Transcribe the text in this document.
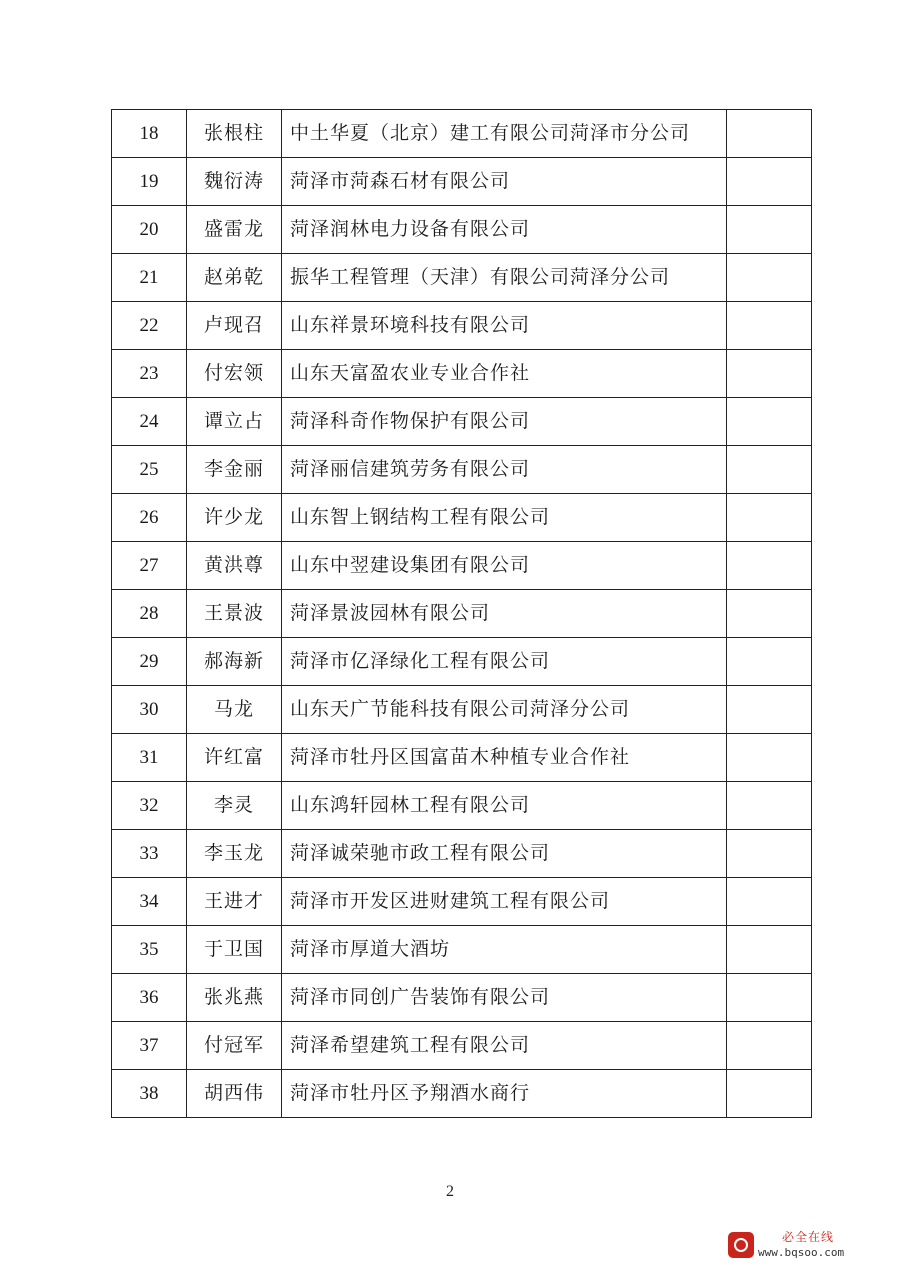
18	张根柱	中土华夏（北京）建工有限公司菏泽市分公司	
19	魏衍涛	菏泽市菏森石材有限公司	
20	盛雷龙	菏泽润林电力设备有限公司	
21	赵弟乾	振华工程管理（天津）有限公司菏泽分公司	
22	卢现召	山东祥景环境科技有限公司	
23	付宏领	山东天富盈农业专业合作社	
24	谭立占	菏泽科奇作物保护有限公司	
25	李金丽	菏泽丽信建筑劳务有限公司	
26	许少龙	山东智上钢结构工程有限公司	
27	黄洪尊	山东中翌建设集团有限公司	
28	王景波	菏泽景波园林有限公司	
29	郝海新	菏泽市亿泽绿化工程有限公司	
30	马龙	山东天广节能科技有限公司菏泽分公司	
31	许红富	菏泽市牡丹区国富苗木种植专业合作社	
32	李灵	山东鸿轩园林工程有限公司	
33	李玉龙	菏泽诚荣驰市政工程有限公司	
34	王进才	菏泽市开发区进财建筑工程有限公司	
35	于卫国	菏泽市厚道大酒坊	
36	张兆燕	菏泽市同创广告装饰有限公司	
37	付冠军	菏泽希望建筑工程有限公司	
38	胡西伟	菏泽市牡丹区予翔酒水商行	
2
必全在线
www.bqsoo.com
